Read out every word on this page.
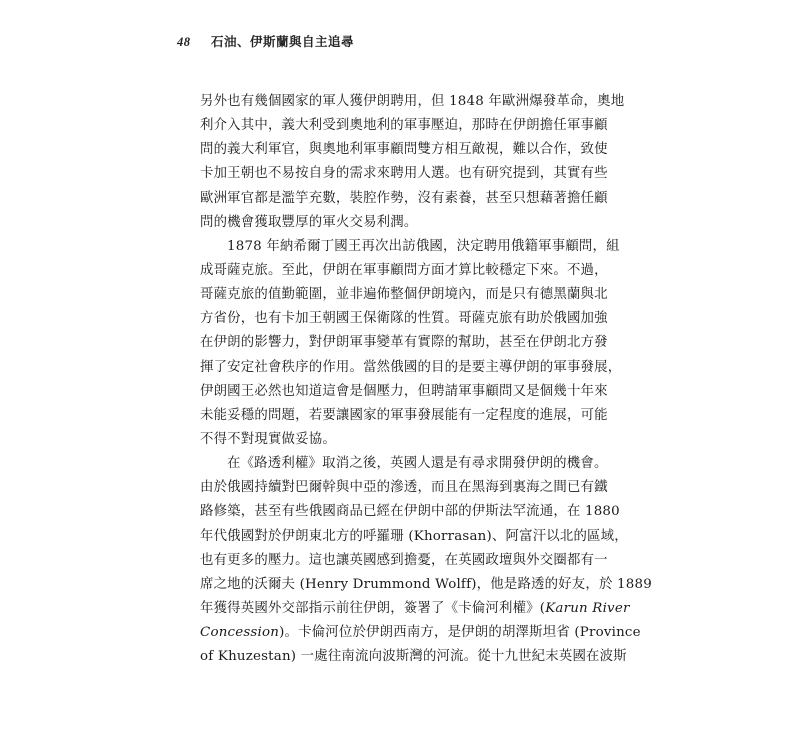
48 石油、伊斯蘭與自主追尋
另外也有幾個國家的軍人獲伊朗聘用，但 1848 年歐洲爆發革命，奧地
利介入其中，義大利受到奧地利的軍事壓迫，那時在伊朗擔任軍事顧
問的義大利軍官，與奧地利軍事顧問雙方相互敵視，難以合作，致使
卡加王朝也不易按自身的需求來聘用人選。也有研究提到，其實有些
歐洲軍官都是濫竽充數，裝腔作勢，沒有素養，甚至只想藉著擔任顧
問的機會獲取豐厚的軍火交易利潤。
1878 年納希爾丁國王再次出訪俄國，決定聘用俄籍軍事顧問，組
成哥薩克旅。至此，伊朗在軍事顧問方面才算比較穩定下來。不過，
哥薩克旅的值勤範圍，並非遍佈整個伊朗境內，而是只有德黑蘭與北
方省份，也有卡加王朝國王保衛隊的性質。哥薩克旅有助於俄國加強
在伊朗的影響力，對伊朗軍事變革有實際的幫助，甚至在伊朗北方發
揮了安定社會秩序的作用。當然俄國的目的是要主導伊朗的軍事發展，
伊朗國王必然也知道這會是個壓力，但聘請軍事顧問又是個幾十年來
未能妥穩的問題，若要讓國家的軍事發展能有一定程度的進展，可能
不得不對現實做妥協。
在《路透利權》取消之後，英國人還是有尋求開發伊朗的機會。
由於俄國持續對巴爾幹與中亞的滲透，而且在黑海到裏海之間已有鐵
路修築，甚至有些俄國商品已經在伊朗中部的伊斯法罕流通，在 1880
年代俄國對於伊朗東北方的呼羅珊 (Khorrasan)、阿富汗以北的區域，
也有更多的壓力。這也讓英國感到擔憂，在英國政壇與外交圈都有一
席之地的沃爾夫 (Henry Drummond Wolff)，他是路透的好友，於 1889
年獲得英國外交部指示前往伊朗，簽署了《卡倫河利權》(Karun River
Concession)。卡倫河位於伊朗西南方，是伊朗的胡澤斯坦省 (Province
of Khuzestan) 一處往南流向波斯灣的河流。從十九世紀末英國在波斯
